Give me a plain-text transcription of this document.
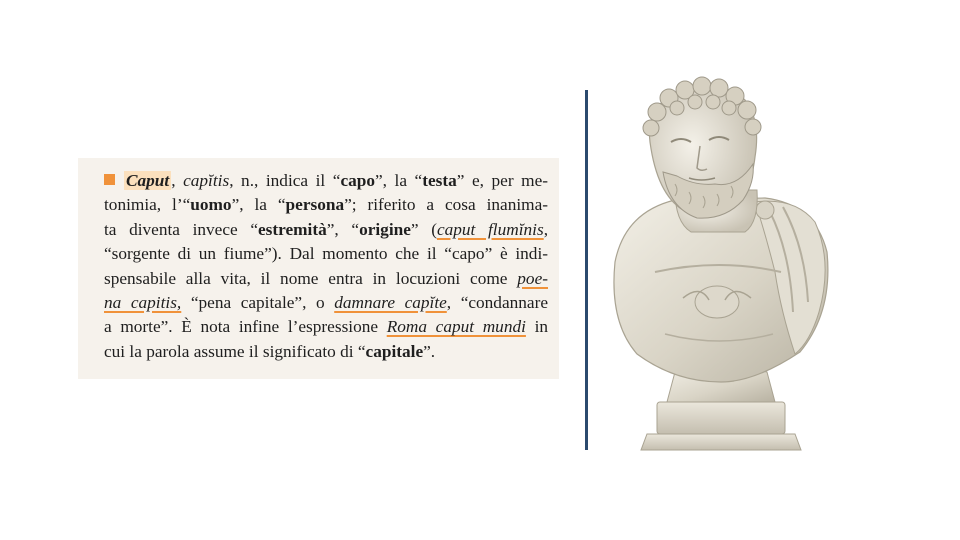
Caput , capĭtis, n., indica il “capo”, la “testa” e, per me-
tonimia, l’“uomo”, la “persona”; riferito a cosa inanima-
ta diventa invece “estremità”, “origine” (caput flumĭnis,
“sorgente di un fiume”). Dal momento che il “capo” è indi-
spensabile alla vita, il nome entra in locuzioni come poe-
na capitis, “pena capitale”, o damnare capĭte, “condannare
a morte”. È nota infine l’espressione Roma caput mundi in
cui la parola assume il significato di “capitale”.
